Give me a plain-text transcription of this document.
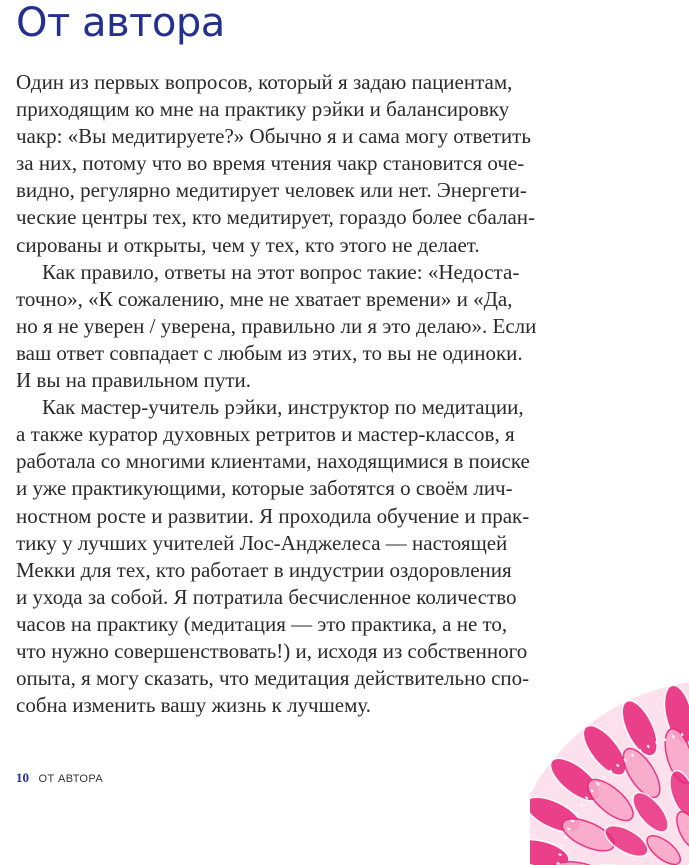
От автора
Один из первых вопросов, который я задаю пациентам,
приходящим ко мне на практику рэйки и балансировку
чакр: «Вы медитируете?» Обычно я и сама могу ответить
за них, потому что во время чтения чакр становится оче-
видно, регулярно медитирует человек или нет. Энергети-
ческие центры тех, кто медитирует, гораздо более сбалан-
сированы и открыты, чем у тех, кто этого не делает.
Как правило, ответы на этот вопрос такие: «Недоста-
точно», «К сожалению, мне не хватает времени» и «Да,
но я не уверен / уверена, правильно ли я это делаю». Если
ваш ответ совпадает с любым из этих, то вы не одиноки.
И вы на правильном пути.
Как мастер-учитель рэйки, инструктор по медитации,
а также куратор духовных ретритов и мастер-классов, я
работала со многими клиентами, находящимися в поиске
и уже практикующими, которые заботятся о своём лич-
ностном росте и развитии. Я проходила обучение и прак-
тику у лучших учителей Лос-Анджелеса — настоящей
Мекки для тех, кто работает в индустрии оздоровления
и ухода за собой. Я потратила бесчисленное количество
часов на практику (медитация — это практика, а не то,
что нужно совершенствовать!) и, исходя из собственного
опыта, я могу сказать, что медитация действительно спо-
собна изменить вашу жизнь к лучшему.
10 ОТ АВТОРА
